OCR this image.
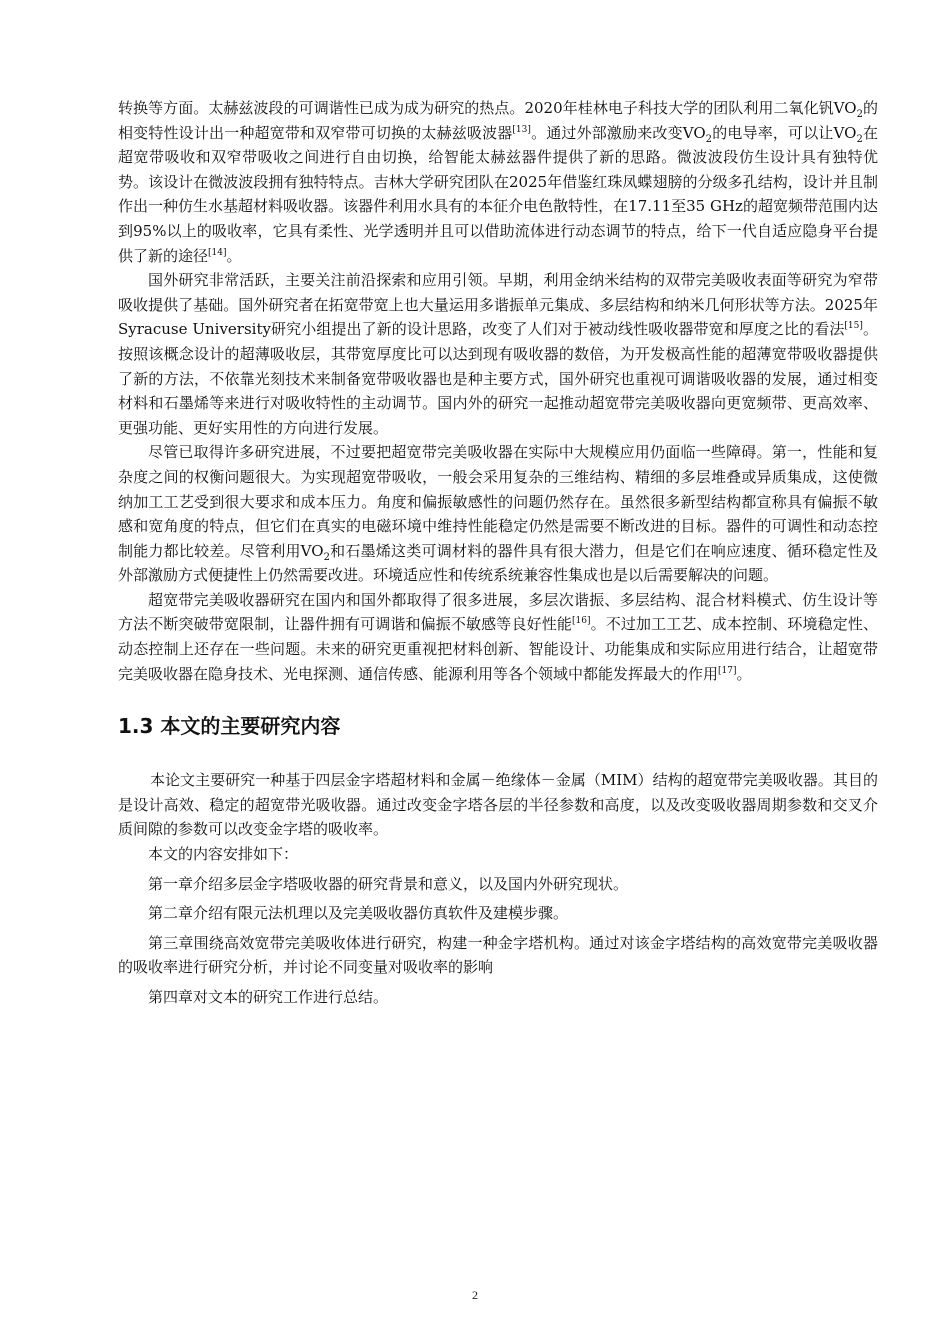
转换等方面。太赫兹波段的可调谐性已成为成为研究的热点。2020年桂林电子科技大学的团队利用二氧化钒$VO_2$的相变特性设计出一种超宽带和双窄带可切换的太赫兹吸波器[13]。通过外部激励来改变$VO_2$的电导率，可以让$VO_2$在超宽带吸收和双窄带吸收之间进行自由切换，给智能太赫兹器件提供了新的思路。微波波段仿生设计具有独特优势。该设计在微波波段拥有独特特点。吉林大学研究团队在2025年借鉴红珠凤蝶翅膀的分级多孔结构，设计并且制作出一种仿生水基超材料吸收器。该器件利用水具有的本征介电色散特性，在17.11至35 GHz的超宽频带范围内达到95%以上的吸收率，它具有柔性、光学透明并且可以借助流体进行动态调节的特点，给下一代自适应隐身平台提供了新的途径[14]。

国外研究非常活跃，主要关注前沿探索和应用引领。早期，利用金纳米结构的双带完美吸收表面等研究为窄带吸收提供了基础。国外研究者在拓宽带宽上也大量运用多谐振单元集成、多层结构和纳米几何形状等方法。2025年Syracuse University研究小组提出了新的设计思路，改变了人们对于被动线性吸收器带宽和厚度之比的看法[15]。按照该概念设计的超薄吸收层，其带宽厚度比可以达到现有吸收器的数倍，为开发极高性能的超薄宽带吸收器提供了新的方法，不依靠光刻技术来制备宽带吸收器也是种主要方式，国外研究也重视可调谐吸收器的发展，通过相变材料和石墨烯等来进行对吸收特性的主动调节。国内外的研究一起推动超宽带完美吸收器向更宽频带、更高效率、更强功能、更好实用性的方向进行发展。

尽管已取得许多研究进展，不过要把超宽带完美吸收器在实际中大规模应用仍面临一些障碍。第一，性能和复杂度之间的权衡问题很大。为实现超宽带吸收，一般会采用复杂的三维结构、精细的多层堆叠或异质集成，这使微纳加工工艺受到很大要求和成本压力。角度和偏振敏感性的问题仍然存在。虽然很多新型结构都宣称具有偏振不敏感和宽角度的特点，但它们在真实的电磁环境中维持性能稳定仍然是需要不断改进的目标。器件的可调性和动态控制能力都比较差。尽管利用$VO_2$和石墨烯这类可调材料的器件具有很大潜力，但是它们在响应速度、循环稳定性及外部激励方式便捷性上仍然需要改进。环境适应性和传统系统兼容性集成也是以后需要解决的问题。

超宽带完美吸收器研究在国内和国外都取得了很多进展，多层次谐振、多层结构、混合材料模式、仿生设计等方法不断突破带宽限制，让器件拥有可调谐和偏振不敏感等良好性能[16]。不过加工工艺、成本控制、环境稳定性、动态控制上还存在一些问题。未来的研究更重视把材料创新、智能设计、功能集成和实际应用进行结合，让超宽带完美吸收器在隐身技术、光电探测、通信传感、能源利用等各个领域中都能发挥最大的作用[17]。

1.3 本文的主要研究内容

本论文主要研究一种基于四层金字塔超材料和金属－绝缘体－金属（MIM）结构的超宽带完美吸收器。其目的是设计高效、稳定的超宽带光吸收器。通过改变金字塔各层的半径参数和高度，以及改变吸收器周期参数和交叉介质间隙的参数可以改变金字塔的吸收率。

本文的内容安排如下：

第一章介绍多层金字塔吸收器的研究背景和意义，以及国内外研究现状。

第二章介绍有限元法机理以及完美吸收器仿真软件及建模步骤。

第三章围绕高效宽带完美吸收体进行研究，构建一种金字塔机构。通过对该金字塔结构的高效宽带完美吸收器的吸收率进行研究分析，并讨论不同变量对吸收率的影响

第四章对文本的研究工作进行总结。

2
